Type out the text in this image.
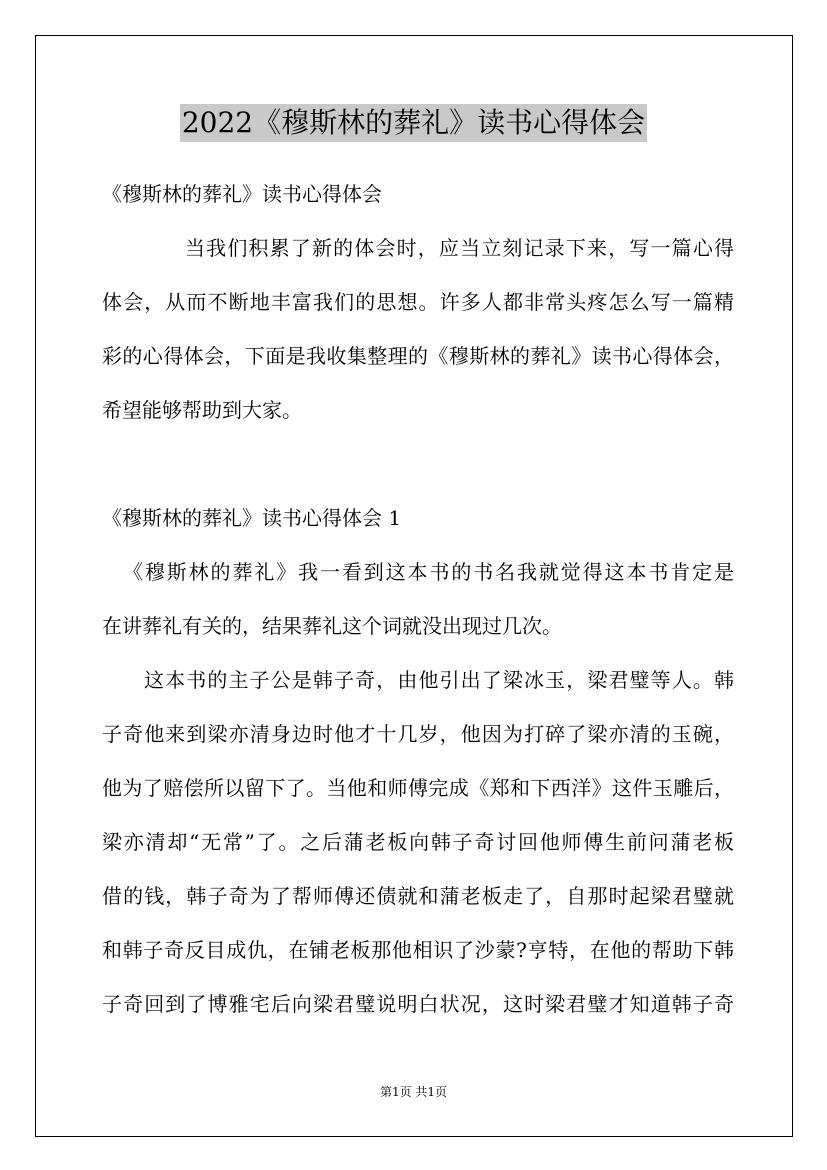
2022《穆斯林的葬礼》读书心得体会
《穆斯林的葬礼》读书心得体会
当我们积累了新的体会时，应当立刻记录下来，写一篇心得
体会，从而不断地丰富我们的思想。许多人都非常头疼怎么写一篇精
彩的心得体会，下面是我收集整理的《穆斯林的葬礼》读书心得体会，
希望能够帮助到大家。
《穆斯林的葬礼》读书心得体会 1
《穆斯林的葬礼》我一看到这本书的书名我就觉得这本书肯定是
在讲葬礼有关的，结果葬礼这个词就没出现过几次。
这本书的主子公是韩子奇，由他引出了梁冰玉，梁君璧等人。韩
子奇他来到梁亦清身边时他才十几岁，他因为打碎了梁亦清的玉碗，
他为了赔偿所以留下了。当他和师傅完成《郑和下西洋》这件玉雕后，
梁亦清却“无常”了。之后蒲老板向韩子奇讨回他师傅生前问蒲老板
借的钱，韩子奇为了帮师傅还债就和蒲老板走了，自那时起梁君璧就
和韩子奇反目成仇，在铺老板那他相识了沙蒙?亨特，在他的帮助下韩
子奇回到了博雅宅后向梁君璧说明白状况，这时梁君璧才知道韩子奇
第1页 共1页
